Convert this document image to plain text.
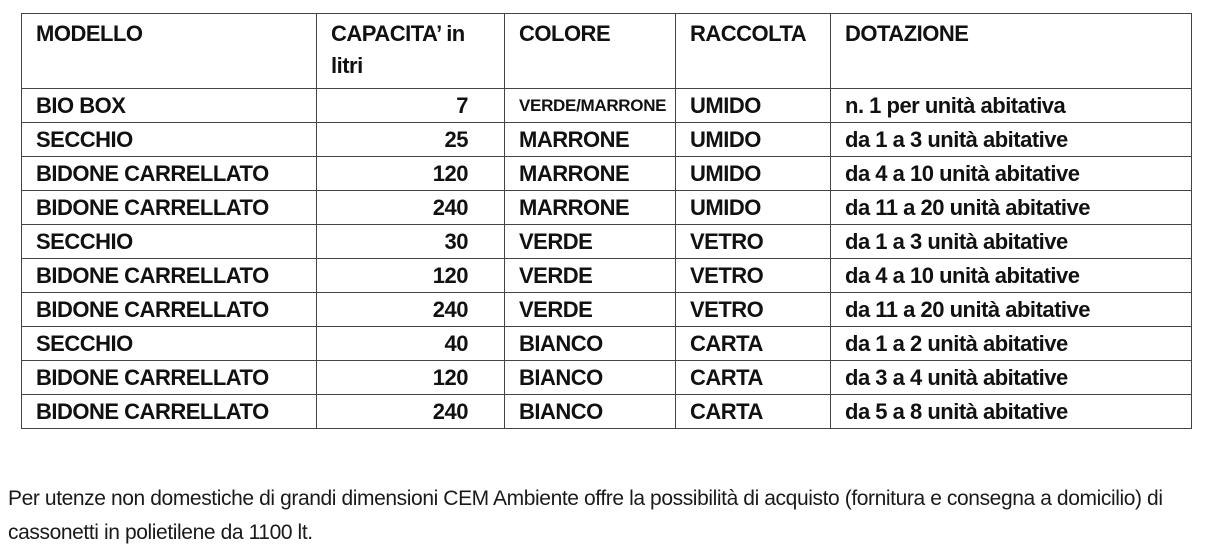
MODELLO	CAPACITA’ in litri	COLORE	RACCOLTA	DOTAZIONE
BIO BOX	7	VERDE/MARRONE	UMIDO	n. 1 per unità abitativa
SECCHIO	25	MARRONE	UMIDO	da 1 a 3 unità abitative
BIDONE CARRELLATO	120	MARRONE	UMIDO	da 4 a 10 unità abitative
BIDONE CARRELLATO	240	MARRONE	UMIDO	da 11 a 20 unità abitative
SECCHIO	30	VERDE	VETRO	da 1 a 3 unità abitative
BIDONE CARRELLATO	120	VERDE	VETRO	da 4 a 10 unità abitative
BIDONE CARRELLATO	240	VERDE	VETRO	da 11 a 20 unità abitative
SECCHIO	40	BIANCO	CARTA	da 1 a 2 unità abitative
BIDONE CARRELLATO	120	BIANCO	CARTA	da 3 a 4 unità abitative
BIDONE CARRELLATO	240	BIANCO	CARTA	da 5 a 8 unità abitative

Per utenze non domestiche di grandi dimensioni CEM Ambiente offre la possibilità di acquisto (fornitura e consegna a domicilio) di cassonetti in polietilene da 1100 lt.
